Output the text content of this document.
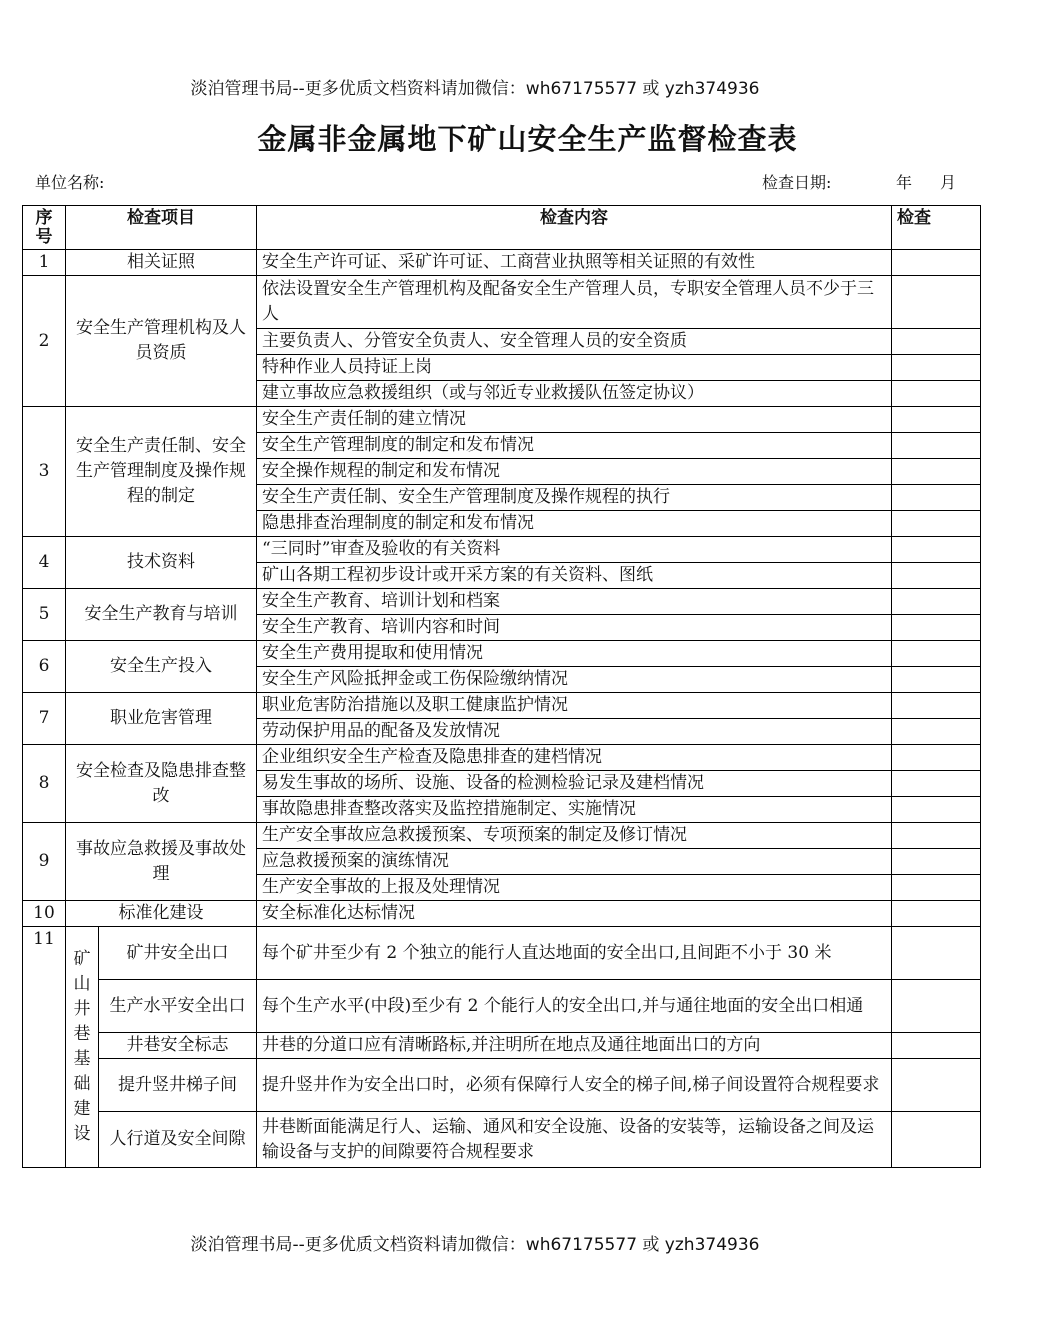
淡泊管理书局--更多优质文档资料请加微信：wh67175577 或 yzh374936
金属非金属地下矿山安全生产监督检查表
单位名称:	检查日期:	年 月
序号	检查项目		检查内容	检查
1	相关证照		安全生产许可证、采矿许可证、工商营业执照等相关证照的有效性	
2	安全生产管理机构及人员资质		依法设置安全生产管理机构及配备安全生产管理人员，专职安全管理人员不少于三人	
			主要负责人、分管安全负责人、安全管理人员的安全资质	
			特种作业人员持证上岗	
			建立事故应急救援组织（或与邻近专业救援队伍签定协议）	
3	安全生产责任制、安全生产管理制度及操作规程的制定		安全生产责任制的建立情况	
			安全生产管理制度的制定和发布情况	
			安全操作规程的制定和发布情况	
			安全生产责任制、安全生产管理制度及操作规程的执行	
			隐患排查治理制度的制定和发布情况	
4	技术资料		“三同时”审查及验收的有关资料	
			矿山各期工程初步设计或开采方案的有关资料、图纸	
5	安全生产教育与培训		安全生产教育、培训计划和档案	
			安全生产教育、培训内容和时间	
6	安全生产投入		安全生产费用提取和使用情况	
			安全生产风险抵押金或工伤保险缴纳情况	
7	职业危害管理		职业危害防治措施以及职工健康监护情况	
			劳动保护用品的配备及发放情况	
8	安全检查及隐患排查整改		企业组织安全生产检查及隐患排查的建档情况	
			易发生事故的场所、设施、设备的检测检验记录及建档情况	
			事故隐患排查整改落实及监控措施制定、实施情况	
9	事故应急救援及事故处理		生产安全事故应急救援预案、专项预案的制定及修订情况	
			应急救援预案的演练情况	
			生产安全事故的上报及处理情况	
10	标准化建设		安全标准化达标情况	
11	矿山井巷基础建设	矿井安全出口	每个矿井至少有 2 个独立的能行人直达地面的安全出口,且间距不小于 30 米	
		生产水平安全出口	每个生产水平(中段)至少有 2 个能行人的安全出口,并与通往地面的安全出口相通	
		井巷安全标志	井巷的分道口应有清晰路标,并注明所在地点及通往地面出口的方向	
		提升竖井梯子间	提升竖井作为安全出口时，必须有保障行人安全的梯子间,梯子间设置符合规程要求	
		人行道及安全间隙	井巷断面能满足行人、运输、通风和安全设施、设备的安装等，运输设备之间及运输设备与支护的间隙要符合规程要求	
淡泊管理书局--更多优质文档资料请加微信：wh67175577 或 yzh374936
